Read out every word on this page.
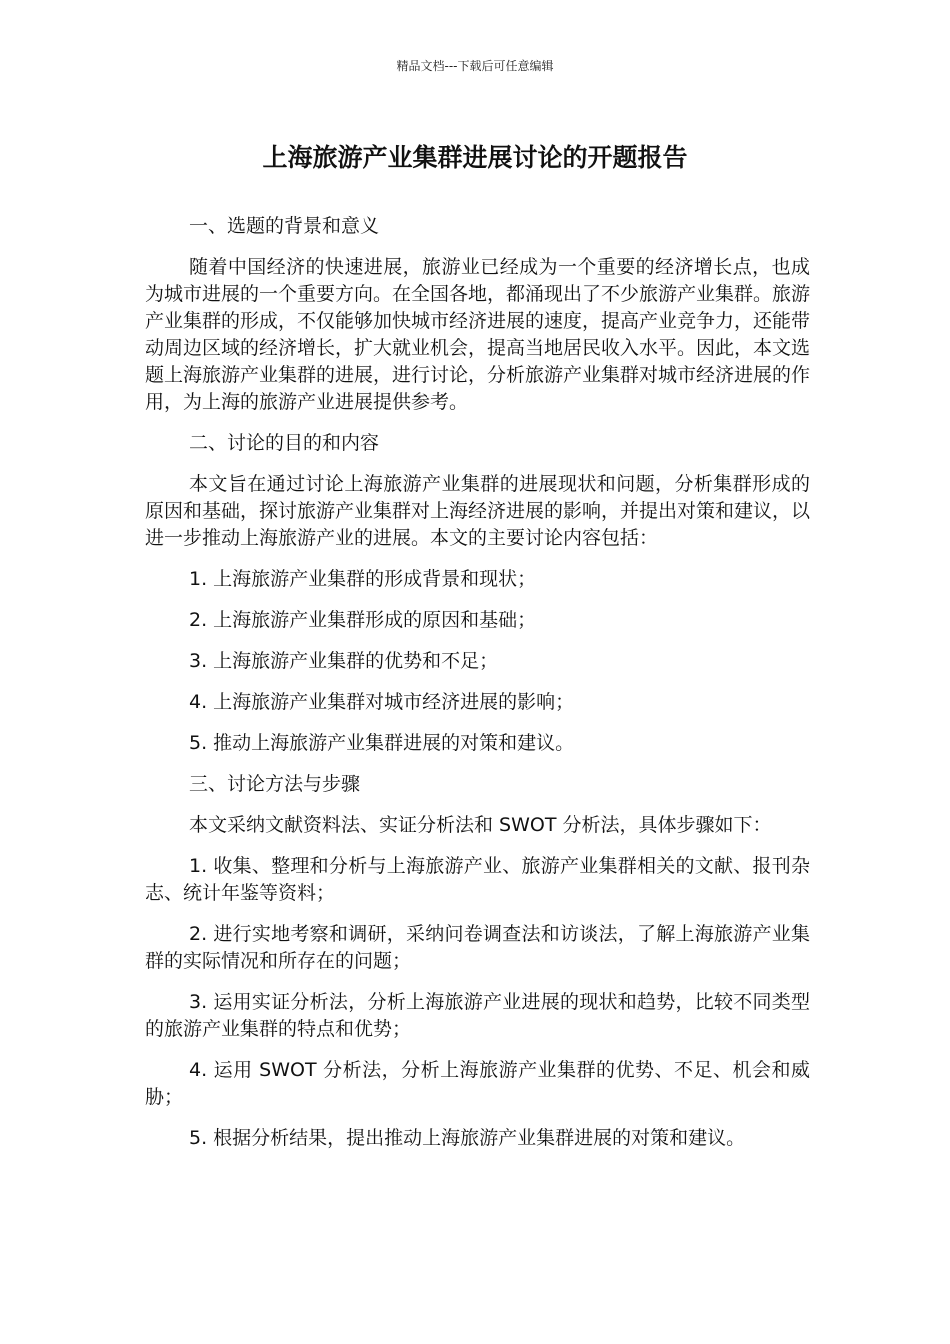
精品文档---下载后可任意编辑
上海旅游产业集群进展讨论的开题报告

一、选题的背景和意义

随着中国经济的快速进展，旅游业已经成为一个重要的经济增长点，也成为城市进展的一个重要方向。在全国各地，都涌现出了不少旅游产业集群。旅游产业集群的形成，不仅能够加快城市经济进展的速度，提高产业竞争力，还能带动周边区域的经济增长，扩大就业机会，提高当地居民收入水平。因此，本文选题上海旅游产业集群的进展，进行讨论，分析旅游产业集群对城市经济进展的作用，为上海的旅游产业进展提供参考。

二、讨论的目的和内容

本文旨在通过讨论上海旅游产业集群的进展现状和问题，分析集群形成的原因和基础，探讨旅游产业集群对上海经济进展的影响，并提出对策和建议，以进一步推动上海旅游产业的进展。本文的主要讨论内容包括：

1. 上海旅游产业集群的形成背景和现状；

2. 上海旅游产业集群形成的原因和基础；

3. 上海旅游产业集群的优势和不足；

4. 上海旅游产业集群对城市经济进展的影响；

5. 推动上海旅游产业集群进展的对策和建议。

三、讨论方法与步骤

本文采纳文献资料法、实证分析法和 SWOT 分析法，具体步骤如下：

1. 收集、整理和分析与上海旅游产业、旅游产业集群相关的文献、报刊杂志、统计年鉴等资料；

2. 进行实地考察和调研，采纳问卷调查法和访谈法，了解上海旅游产业集群的实际情况和所存在的问题；

3. 运用实证分析法，分析上海旅游产业进展的现状和趋势，比较不同类型的旅游产业集群的特点和优势；

4. 运用 SWOT 分析法，分析上海旅游产业集群的优势、不足、机会和威胁；

5. 根据分析结果，提出推动上海旅游产业集群进展的对策和建议。
